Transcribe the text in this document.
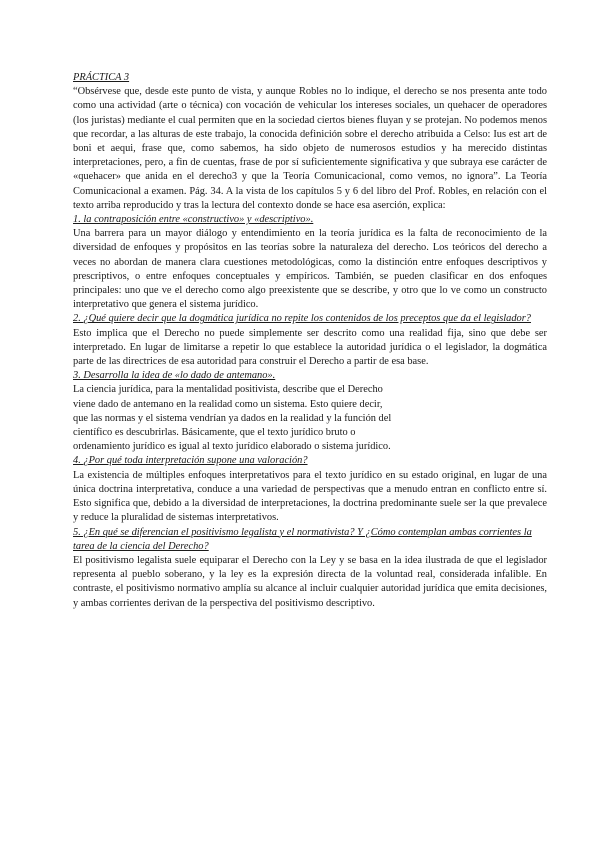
PRÁCTICA 3

“Obsérvese que, desde este punto de vista, y aunque Robles no lo indique, el derecho se nos presenta ante todo como una actividad (arte o técnica) con vocación de vehicular los intereses sociales, un quehacer de operadores (los juristas) mediante el cual permiten que en la sociedad ciertos bienes fluyan y se protejan. No podemos menos que recordar, a las alturas de este trabajo, la conocida definición sobre el derecho atribuida a Celso: Ius est art de boni et aequi, frase que, como sabemos, ha sido objeto de numerosos estudios y ha merecido distintas interpretaciones, pero, a fin de cuentas, frase de por sí suficientemente significativa y que subraya ese carácter de «quehacer» que anida en el derecho3 y que la Teoría Comunicacional, como vemos, no ignora”. La Teoría Comunicacional a examen. Pág. 34. A la vista de los capítulos 5 y 6 del libro del Prof. Robles, en relación con el texto arriba reproducido y tras la lectura del contexto donde se hace esa aserción, explica:

1. la contraposición entre «constructivo» y «descriptivo».

Una barrera para un mayor diálogo y entendimiento en la teoría jurídica es la falta de reconocimiento de la diversidad de enfoques y propósitos en las teorías sobre la naturaleza del derecho. Los teóricos del derecho a veces no abordan de manera clara cuestiones metodológicas, como la distinción entre enfoques descriptivos y prescriptivos, o entre enfoques conceptuales y empíricos. También, se pueden clasificar en dos enfoques principales: uno que ve el derecho como algo preexistente que se describe, y otro que lo ve como un constructo interpretativo que genera el sistema jurídico.

2. ¿Qué quiere decir que la dogmática jurídica no repite los contenidos de los preceptos que da el legislador?

Esto implica que el Derecho no puede simplemente ser descrito como una realidad fija, sino que debe ser interpretado. En lugar de limitarse a repetir lo que establece la autoridad jurídica o el legislador, la dogmática parte de las directrices de esa autoridad para construir el Derecho a partir de esa base.

3. Desarrolla la idea de «lo dado de antemano».

La ciencia jurídica, para la mentalidad positivista, describe que el Derecho
viene dado de antemano en la realidad como un sistema. Esto quiere decir,
que las normas y el sistema vendrían ya dados en la realidad y la función del
científico es descubrirlas. Básicamente, que el texto jurídico bruto o
ordenamiento jurídico es igual al texto jurídico elaborado o sistema jurídico.

4. ¿Por qué toda interpretación supone una valoración?

La existencia de múltiples enfoques interpretativos para el texto jurídico en su estado original, en lugar de una única doctrina interpretativa, conduce a una variedad de perspectivas que a menudo entran en conflicto entre sí. Esto significa que, debido a la diversidad de interpretaciones, la doctrina predominante suele ser la que prevalece y reduce la pluralidad de sistemas interpretativos.

5. ¿En qué se diferencian el positivismo legalista y el normativista? Y ¿Cómo contemplan ambas corrientes la tarea de la ciencia del Derecho?

El positivismo legalista suele equiparar el Derecho con la Ley y se basa en la idea ilustrada de que el legislador representa al pueblo soberano, y la ley es la expresión directa de la voluntad real, considerada infalible. En contraste, el positivismo normativo amplía su alcance al incluir cualquier autoridad jurídica que emita decisiones, y ambas corrientes derivan de la perspectiva del positivismo descriptivo.
